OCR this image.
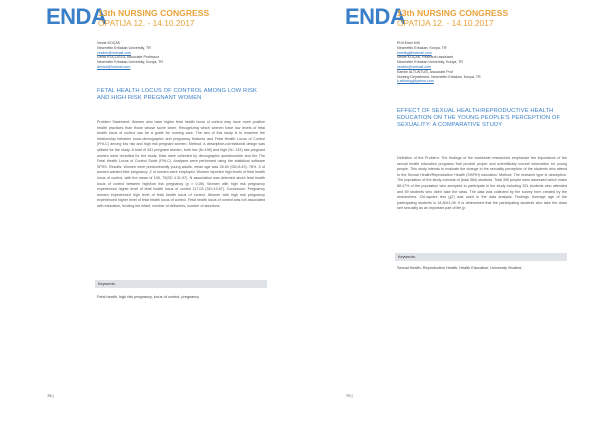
ENDA
13th NURSING CONGRESS
OPATIJA 12. - 14.10.2017
Vesile KOÇAK
Necmettin Erbakan University, TR
vesilek@hotmail.com
Deniz KOÇOĞLU, Associate Professor
Necmettin Erbakan University, Konya, TR
denizk@hotmail.com
FETAL HEALTH LOCUS OF CONTROL AMONG LOW RISK AND HIGH RISK PREGNANT WOMEN
Problem Statement: Women who have higher fetal health locus of control may have more positive health practices than those whose score lower. Recognizing which women have low levels of fetal health locus of control can be a guide for nursing care. The aim of this study is to examine the relationship between socio-demographic and pregnancy features and Fetal Health Locus of Control (FHLC) among low risk and high risk pregnant women. Method: A descriptive-correlational design was utilized for the study. A total of 331 pregnant women, both low (N=198) and high (N= 133) risk pregnant women were recruited for the study. Data were collected by demographic questionnaire and the The Fetal Health Locus of Control Scale (FHLC). Analyses were performed using the statistical software SPSS. Results: Women were predominantly young adults, mean age was 26.40 (SD=5.49). 78% ,3 of women wanted their pregnancy ,2 of women were employed. Women reported high levels of fetal health locus of control, with the mean of 108, 79(SD 4.31,97). N association was detected about fetal health locus of control between high/low risk pregnancy (p > 0,05). Women with high risk pregnancy experienced higher level of fetal health locus of control 117,03 (SD=10,87). Conclusion: Pregnancy women experienced high level of fetal health locus of control. Women with high risk pregnancy experienced higher level of fetal health locus of control. Fetal health locus of control was not associated with education, funding the infant, number of deliveries, number of abortions.
Keywords:
Fetal health, high risk pregnancy, locus of control, pregnancy
78 |
ENDA
13th NURSING CONGRESS
OPATIJA 12. - 14.10.2017
Prof Emel Kilit
Necmettin Erbakan, Konya, TR
emelkg@hotmail.com
Vesile KOÇAK, Research assistant
Necmettin Erbakan University, Konya, TR
vesilek@hotmail.com
Kamile ALTUNTUĞ, Associate Prof
Nursing Department, Necmettin Erbakan, Konya, TR
k.altuntug@yahoo.com
EFFECT OF SEXUAL HEALTH/REPRODUCTIVE HEALTH EDUCATION ON THE YOUNG PEOPLE'S PERCEPTION OF SEXUALITY: A COMPARATIVE STUDY
Definition of the Problem: The findings of the worldwide researches emphasize the importance of the sexual health education programs that provide proper and scientifically correct information for young people. This study intends to evaluate the change in the sexuality perception of the students who attend to the Sexual Health/Reproductive Health (SH/RH) education. Method: The research type is descriptive. The population of the study consists of (total 384) students. Total 390 people were assessed which make 88.47% of the population who accepted to participate in the study including 331 students who attended and 59 students who didn't take the class. The data was collected by the survey form created by the researchers. Chi-square test (χ2) was used in the data analysis. Findings: Average age of the participating students is 18,89±1,98. It is determined that the participating students who take the class see sexuality as an important part of life (p
Keywords:
Sexual Health, Reproductive Health, Health Education, University Student,
79 |
